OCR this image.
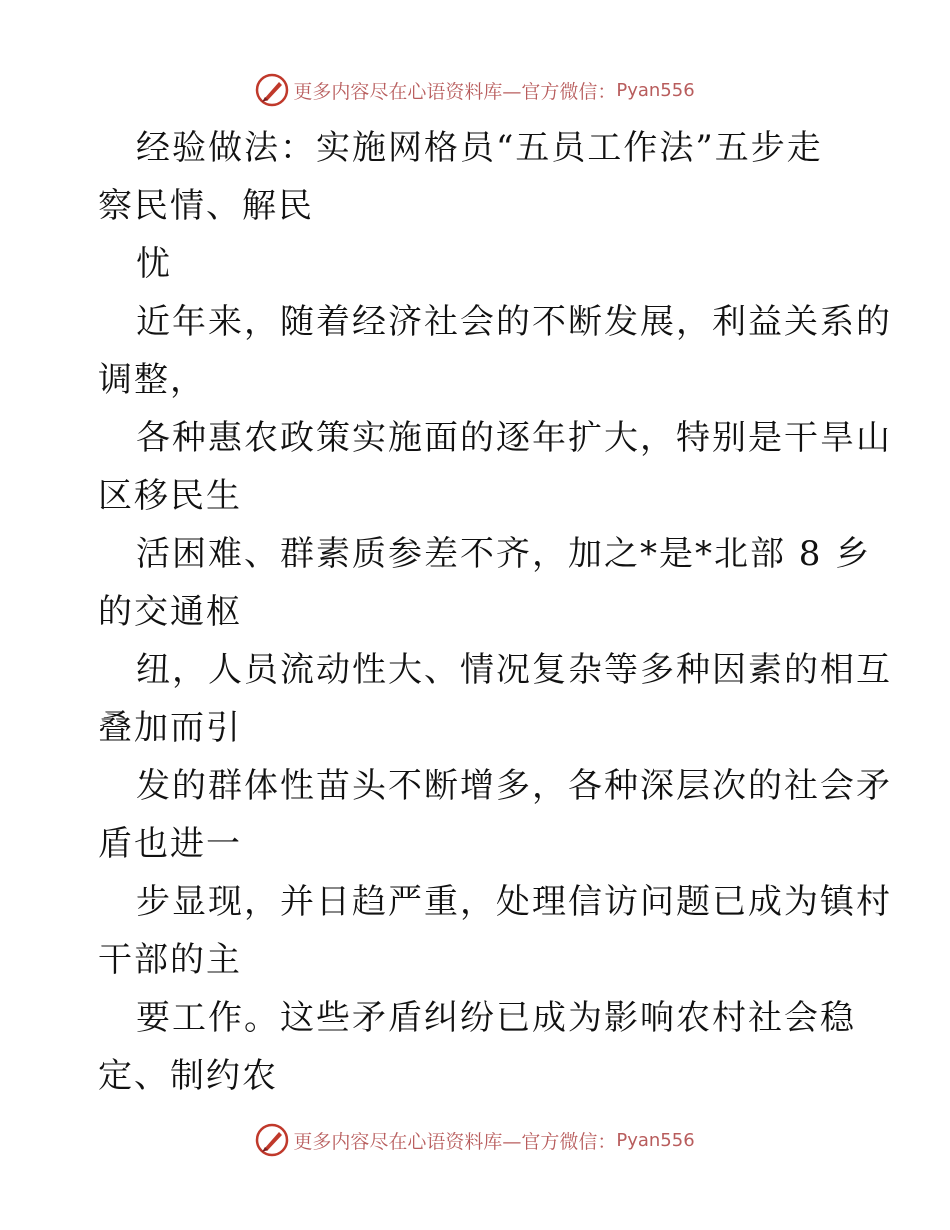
更多内容尽在心语资料库—官方微信： Pyan556
经验做法：实施网格员“五员工作法”五步走
察民情、解民
忧
近年来，随着经济社会的不断发展，利益关系的
调整，
各种惠农政策实施面的逐年扩大，特别是干旱山
区移民生
活困难、群素质参差不齐，加之*是*北部 8 乡
的交通枢
纽，人员流动性大、情况复杂等多种因素的相互
叠加而引
发的群体性苗头不断增多，各种深层次的社会矛
盾也进一
步显现，并日趋严重，处理信访问题已成为镇村
干部的主
要工作。这些矛盾纠纷已成为影响农村社会稳
定、制约农
更多内容尽在心语资料库—官方微信： Pyan556
